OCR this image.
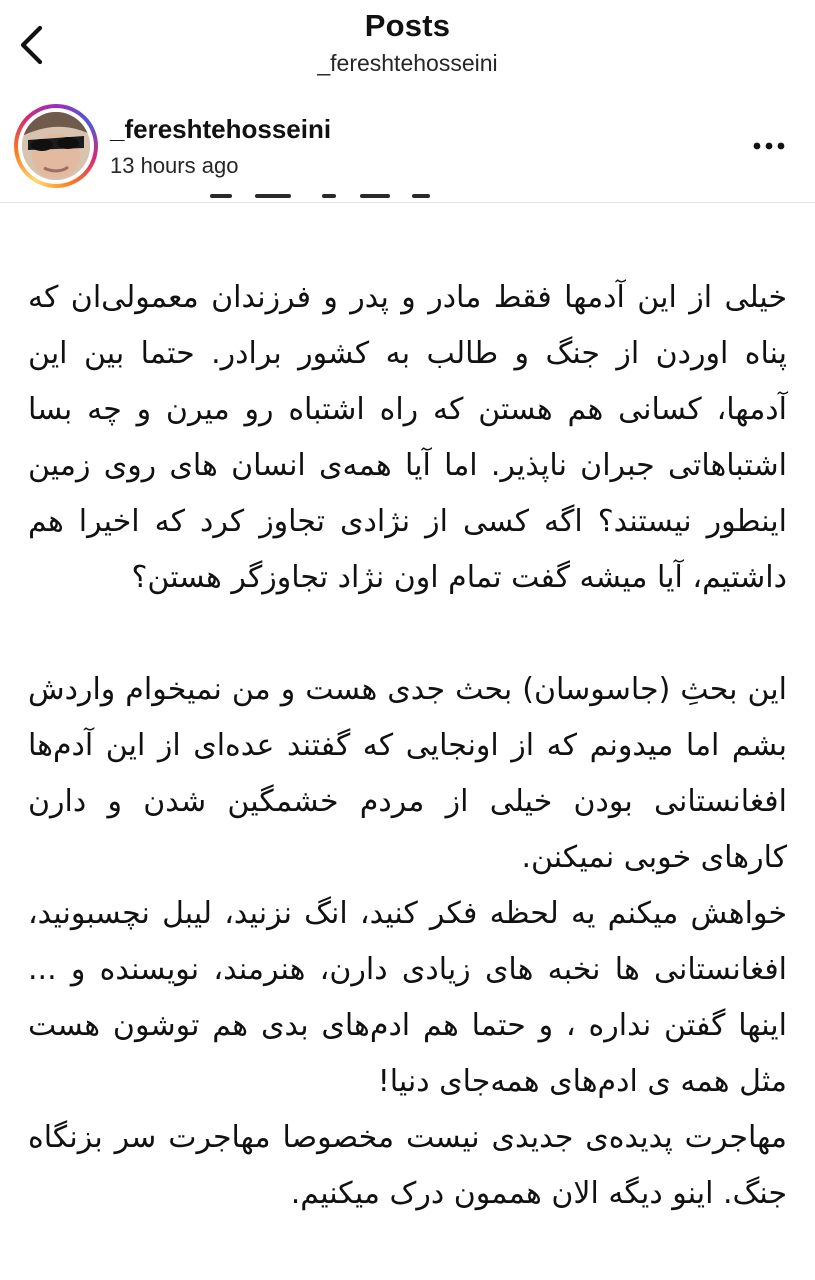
Posts
_fereshtehosseini
_fereshtehosseini
13 hours ago

خیلی از این آدمها فقط مادر و پدر و فرزندان معمولی‌ان که پناه اوردن از جنگ و طالب به کشور برادر. حتما بین این آدمها، کسانی هم هستن که راه اشتباه رو میرن و چه بسا اشتباهاتی جبران ناپذیر. اما آیا همه‌ی انسان های روی زمین اینطور نیستند؟ اگه کسی از نژادی تجاوز کرد که اخیرا هم داشتیم، آیا میشه گفت تمام اون نژاد تجاوزگر هستن؟

این بحثِ (جاسوسان) بحث جدی هست و من نمیخوام واردش بشم اما میدونم که از اونجایی که گفتند عده‌ای از این آدم‌ها افغانستانی بودن خیلی از مردم خشمگین شدن و دارن کارهای خوبی نمیکنن.

خواهش میکنم یه لحظه فکر کنید، انگ نزنید، لیبل نچسبونید، افغانستانی ها نخبه های زیادی دارن، هنرمند، نویسنده و ... اینها گفتن نداره ، و حتما هم ادم‌های بدی هم توشون هست مثل همه ی ادم‌های همه‌جای دنیا!

مهاجرت پدیده‌ی جدیدی نیست مخصوصا مهاجرت سر بزنگاه جنگ. اینو دیگه الان هممون درک میکنیم.
